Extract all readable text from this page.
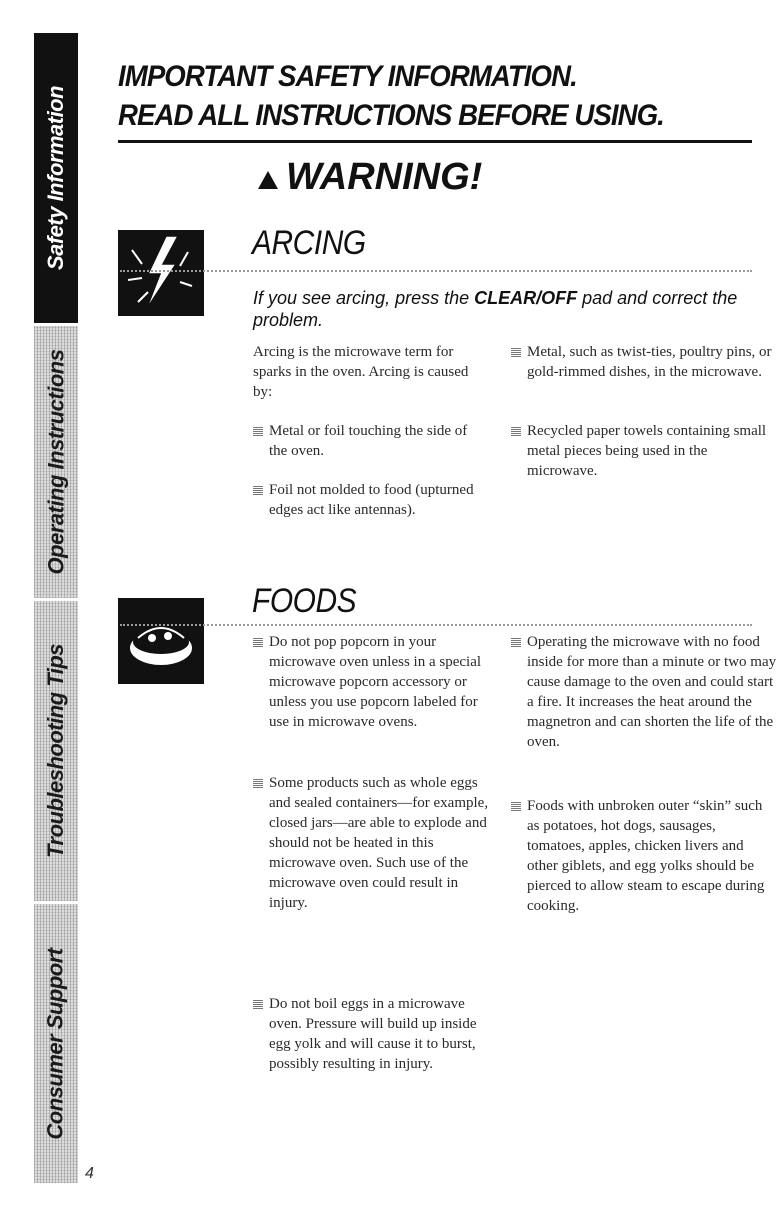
Safety Information
Operating Instructions
Troubleshooting Tips
Consumer Support
IMPORTANT SAFETY INFORMATION.
READ ALL INSTRUCTIONS BEFORE USING.
WARNING!
ARCING
If you see arcing, press the CLEAR/OFF pad and correct the problem.
Arcing is the microwave term for sparks in the oven. Arcing is caused by:
Metal or foil touching the side of the oven.
Foil not molded to food (upturned edges act like antennas).
Metal, such as twist-ties, poultry pins, or gold-rimmed dishes, in the microwave.
Recycled paper towels containing small metal pieces being used in the microwave.
FOODS
Do not pop popcorn in your microwave oven unless in a special microwave popcorn accessory or unless you use popcorn labeled for use in microwave ovens.
Some products such as whole eggs and sealed containers—for example, closed jars—are able to explode and should not be heated in this microwave oven. Such use of the microwave oven could result in injury.
Do not boil eggs in a microwave oven. Pressure will build up inside egg yolk and will cause it to burst, possibly resulting in injury.
Operating the microwave with no food inside for more than a minute or two may cause damage to the oven and could start a fire. It increases the heat around the magnetron and can shorten the life of the oven.
Foods with unbroken outer “skin” such as potatoes, hot dogs, sausages, tomatoes, apples, chicken livers and other giblets, and egg yolks should be pierced to allow steam to escape during cooking.
4
